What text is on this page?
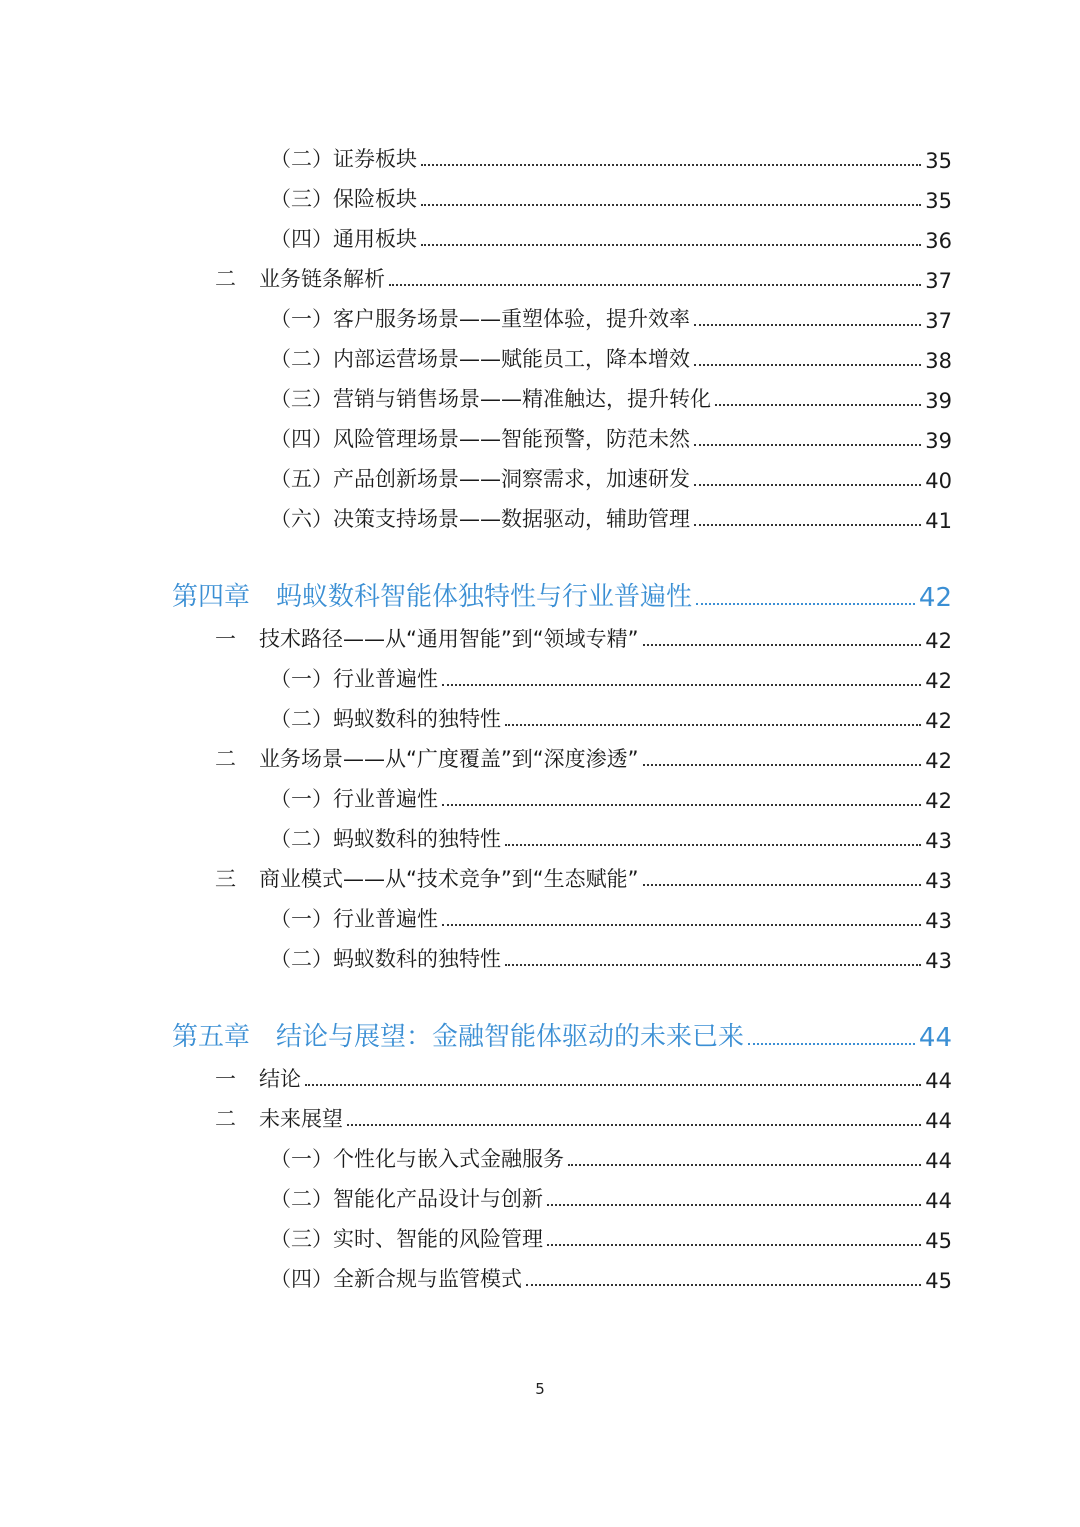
（二）证券板块	35
（三）保险板块	35
（四）通用板块	36
二	业务链条解析	37
（一）客户服务场景——重塑体验，提升效率	37
（二）内部运营场景——赋能员工，降本增效	38
（三）营销与销售场景——精准触达，提升转化	39
（四）风险管理场景——智能预警，防范未然	39
（五）产品创新场景——洞察需求，加速研发	40
（六）决策支持场景——数据驱动，辅助管理	41
第四章 蚂蚁数科智能体独特性与行业普遍性	42
一	技术路径——从“通用智能”到“领域专精”	42
（一）行业普遍性	42
（二）蚂蚁数科的独特性	42
二	业务场景——从“广度覆盖”到“深度渗透”	42
（一）行业普遍性	42
（二）蚂蚁数科的独特性	43
三	商业模式——从“技术竞争”到“生态赋能”	43
（一）行业普遍性	43
（二）蚂蚁数科的独特性	43
第五章 结论与展望：金融智能体驱动的未来已来	44
一	结论	44
二	未来展望	44
（一）个性化与嵌入式金融服务	44
（二）智能化产品设计与创新	44
（三）实时、智能的风险管理	45
（四）全新合规与监管模式	45
5
